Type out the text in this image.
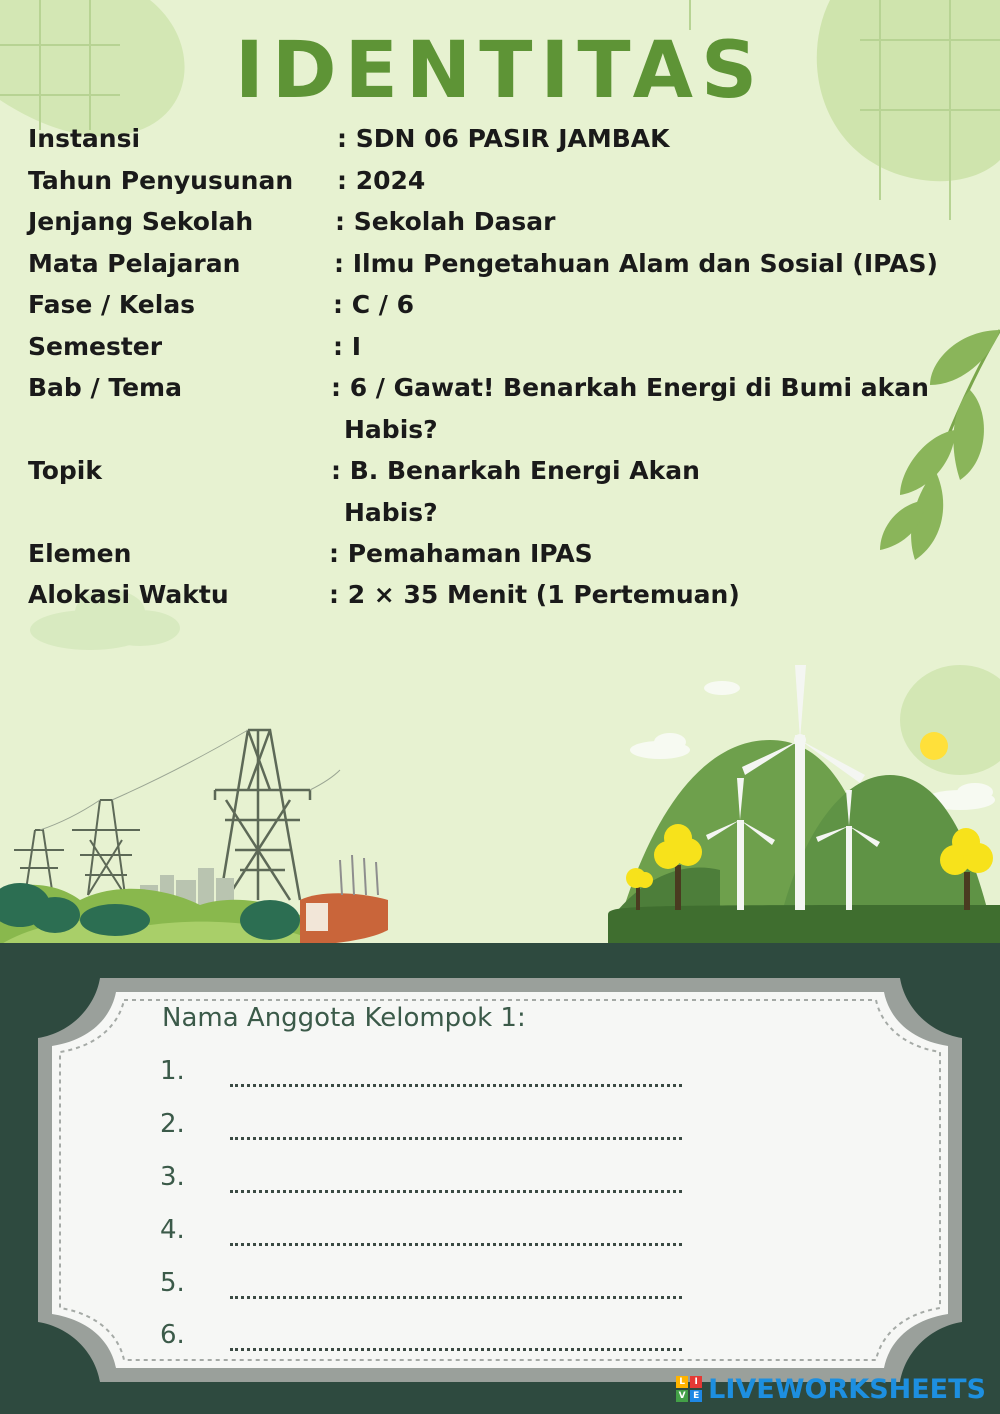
IDENTITAS
Instansi	: SDN 06 PASIR JAMBAK
Tahun Penyusunan : 2024
Jenjang Sekolah	: Sekolah Dasar
Mata Pelajaran	: Ilmu Pengetahuan Alam dan Sosial (IPAS)
Fase / Kelas	: C / 6
Semester	: I
Bab / Tema	: 6 / Gawat! Benarkah Energi di Bumi akan
Habis?
Topik	: B. Benarkah Energi Akan
Habis?
Elemen	: Pemahaman IPAS
Alokasi Waktu	: 2 × 35 Menit (1 Pertemuan)
Nama Anggota Kelompok 1:
1.
2.
3.
4.
5.
6.
L	I
V E LIVEWORKSHEETS
